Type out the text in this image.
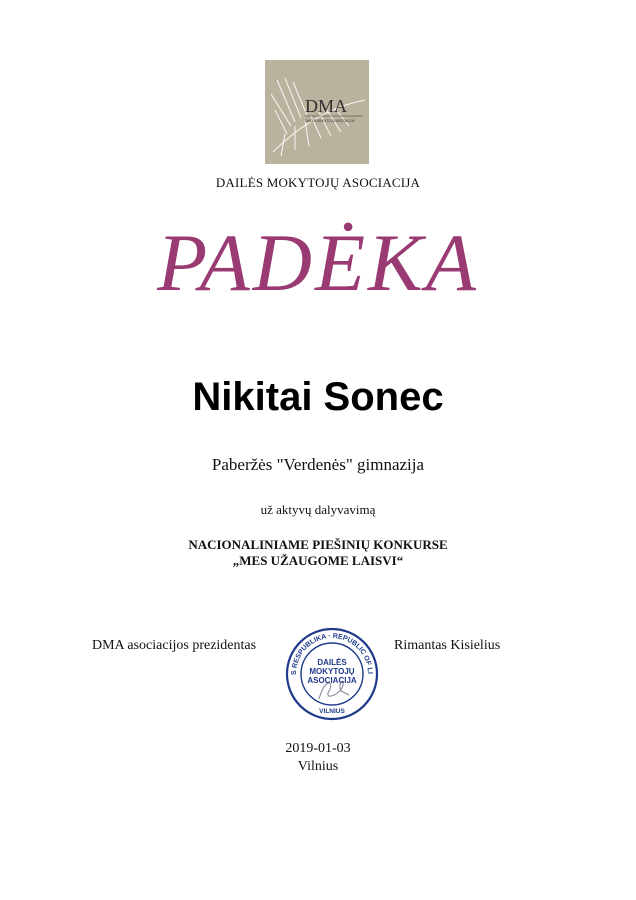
DMA
DAILĖS MOKYTOJŲ ASOCIACIJA
DAILĖS MOKYTOJŲ ASOCIACIJA
PADĖKA
Nikitai Sonec
Paberžės "Verdenės" gimnazija
už aktyvų dalyvavimą
NACIONALINIAME PIEŠINIŲ KONKURSE
„MES UŽAUGOME LAISVI“
DMA asociacijos prezidentas
S RESPUBLIKA · REPUBLIC OF LI
DAILĖS
MOKYTOJŲ
ASOCIACIJA
VILNIUS
Rimantas Kisielius
2019-01-03
Vilnius
